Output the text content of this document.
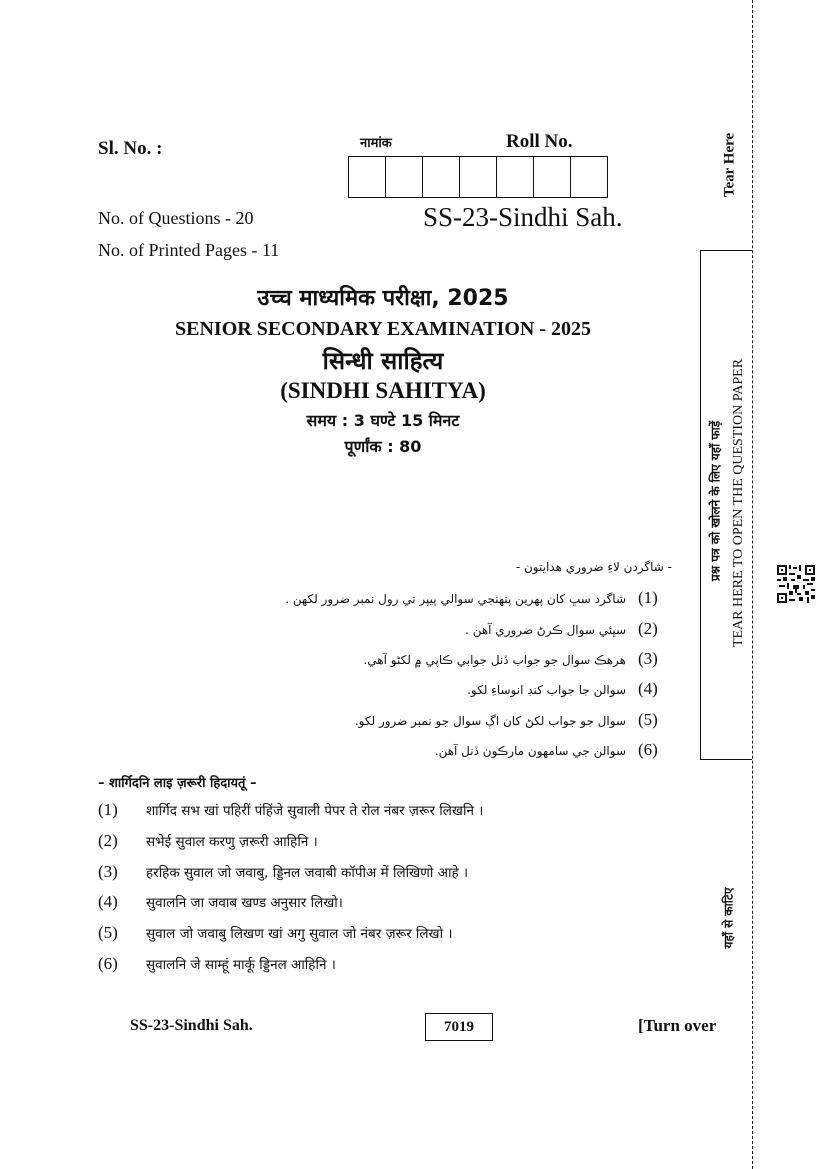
Tear Here
प्रश्न पत्र को खोलने के लिए यहाँ फाड़ें TEAR HERE TO OPEN THE QUESTION PAPER
यहाँ से काटिए
Sl. No. :	नामांक	Roll No.
No. of Questions - 20
No. of Printed Pages - 11
SS-23-Sindhi Sah.
उच्च माध्यमिक परीक्षा, 2025
SENIOR SECONDARY EXAMINATION - 2025
सिन्धी साहित्य
(SINDHI SAHITYA)
समय : 3 घण्टे 15 मिनट
पूर्णांक : 80
- شاگردن لاءِ ضروري هدايتون -
(1)
شاگرد سڀ کان پهرين پنهنجي سوالي پيپر تي رول نمبر ضرور لکهن .
(2)
سڀئي سوال ڪرڻ ضروري آهن .
(3)
هرهڪ سوال جو جواب ڏنل جوابي ڪاپي ۾ لکڻو آهي.
(4)
سوالن جا جواب کنڊ انوساءِ لکو.
(5)
سوال جو جواب لکڻ کان اڳ سوال جو نمبر ضرور لکو.
(6)
سوالن جي سامهون مارڪون ڏنل آهن.
– शार्गिदनि लाइ ज़रूरी हिदायतूं –
(1)	शार्गिद सभ खां पहिरीं पंहिंजे सुवाली पेपर ते रोल नंबर ज़रूर लिखनि ।
(2)	सभेई सुवाल करणु ज़रूरी आहिनि ।
(3)	हरहिक सुवाल जो जवाबु, ड्डिनल जवाबी कॉपीअ में लिखिणो आहे ।
(4)	सुवालनि जा जवाब खण्ड अनुसार लिखो।
(5)	सुवाल जो जवाबु लिखण खां अगु सुवाल जो नंबर ज़रूर लिखो ।
(6)	सुवालनि जे साम्हूं मार्कू ड्डिनल आहिनि ।
SS-23-Sindhi Sah.	7019	[Turn over
